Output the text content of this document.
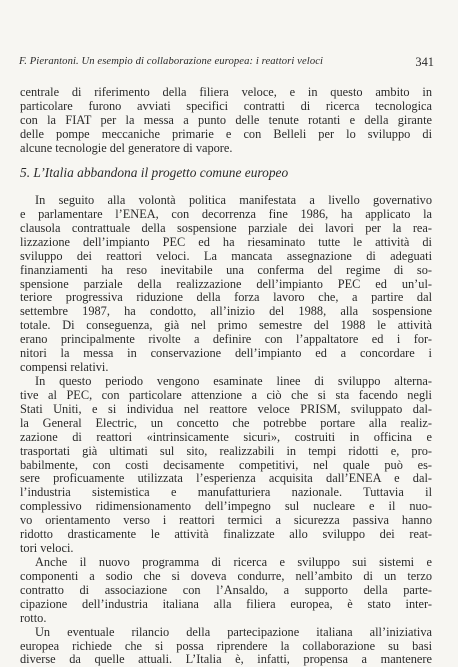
F. Pierantoni. Un esempio di collaborazione europea: i reattori veloci	341
centrale di riferimento della filiera veloce, e in questo ambito in
particolare furono avviati specifici contratti di ricerca tecnologica
con la FIAT per la messa a punto delle tenute rotanti e della girante
delle pompe meccaniche primarie e con Belleli per lo sviluppo di
alcune tecnologie del generatore di vapore.
5. L’Italia abbandona il progetto comune europeo
In seguito alla volontà politica manifestata a livello governativo
e parlamentare l’ENEA, con decorrenza fine 1986, ha applicato la
clausola contrattuale della sospensione parziale dei lavori per la rea-
lizzazione dell’impianto PEC ed ha riesaminato tutte le attività di
sviluppo dei reattori veloci. La mancata assegnazione di adeguati
finanziamenti ha reso inevitabile una conferma del regime di so-
spensione parziale della realizzazione dell’impianto PEC ed un’ul-
teriore progressiva riduzione della forza lavoro che, a partire dal
settembre 1987, ha condotto, all’inizio del 1988, alla sospensione
totale. Di conseguenza, già nel primo semestre del 1988 le attività
erano principalmente rivolte a definire con l’appaltatore ed i for-
nitori la messa in conservazione dell’impianto ed a concordare i
compensi relativi.
In questo periodo vengono esaminate linee di sviluppo alterna-
tive al PEC, con particolare attenzione a ciò che si sta facendo negli
Stati Uniti, e si individua nel reattore veloce PRISM, sviluppato dal-
la General Electric, un concetto che potrebbe portare alla realiz-
zazione di reattori «intrinsicamente sicuri», costruiti in officina e
trasportati già ultimati sul sito, realizzabili in tempi ridotti e, pro-
babilmente, con costi decisamente competitivi, nel quale può es-
sere proficuamente utilizzata l’esperienza acquisita dall’ENEA e dal-
l’industria sistemistica e manufatturiera nazionale. Tuttavia il
complessivo ridimensionamento dell’impegno sul nucleare e il nuo-
vo orientamento verso i reattori termici a sicurezza passiva hanno
ridotto drasticamente le attività finalizzate allo sviluppo dei reat-
tori veloci.
Anche il nuovo programma di ricerca e sviluppo sui sistemi e
componenti a sodio che si doveva condurre, nell’ambito di un terzo
contratto di associazione con l’Ansaldo, a supporto della parte-
cipazione dell’industria italiana alla filiera europea, è stato inter-
rotto.
Un eventuale rilancio della partecipazione italiana all’iniziativa
europea richiede che si possa riprendere la collaborazione su basi
diverse da quelle attuali. L’Italia è, infatti, propensa a mantenere
